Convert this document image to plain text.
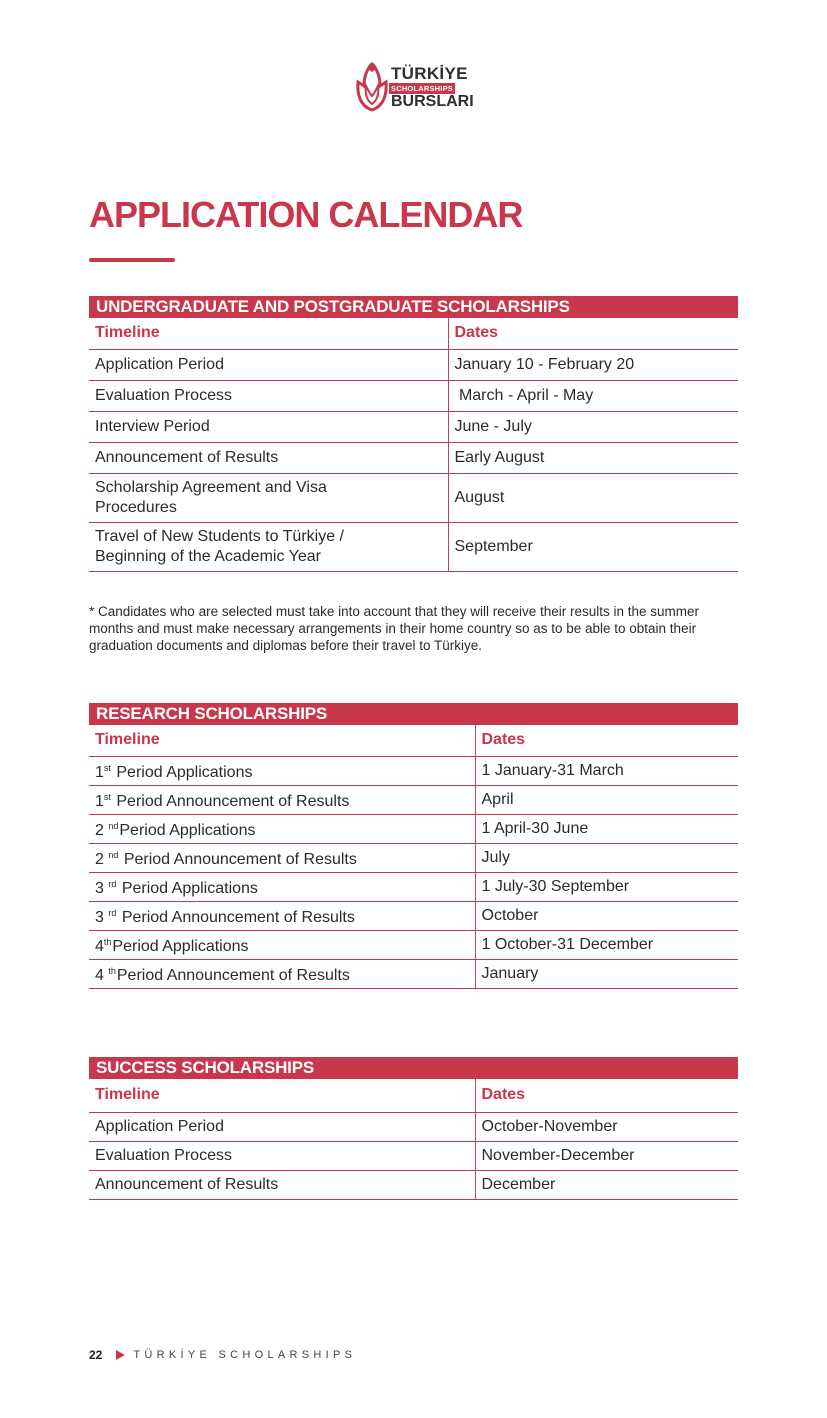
TÜRKİYE
SCHOLARSHIPS
BURSLARI
APPLICATION CALENDAR
UNDERGRADUATE AND POSTGRADUATE SCHOLARSHIPS
Timeline	Dates
Application Period	January 10 - February 20
Evaluation Process	March - April - May
Interview Period	June - July
Announcement of Results	Early August
Scholarship Agreement and Visa Procedures	August
Travel of New Students to Türkiye / Beginning of the Academic Year	September

* Candidates who are selected must take into account that they will receive their results in the summer months and must make necessary arrangements in their home country so as to be able to obtain their graduation documents and diplomas before their travel to Türkiye.

RESEARCH SCHOLARSHIPS
Timeline	Dates
1st Period Applications	1 January-31 March
1st Period Announcement of Results	April
2 $^{nd}$Period Applications	1 April-30 June
2 $^{nd}$ Period Announcement of Results	July
3 $^{rd}$ Period Applications	1 July-30 September
3 $^{rd}$ Period Announcement of Results	October
4thPeriod Applications	1 October-31 December
4 $^{th}$Period Announcement of Results	January
SUCCESS SCHOLARSHIPS
Timeline	Dates
Application Period	October-November
Evaluation Process	November-December
Announcement of Results	December
22	TÜRKİYE SCHOLARSHIPS
